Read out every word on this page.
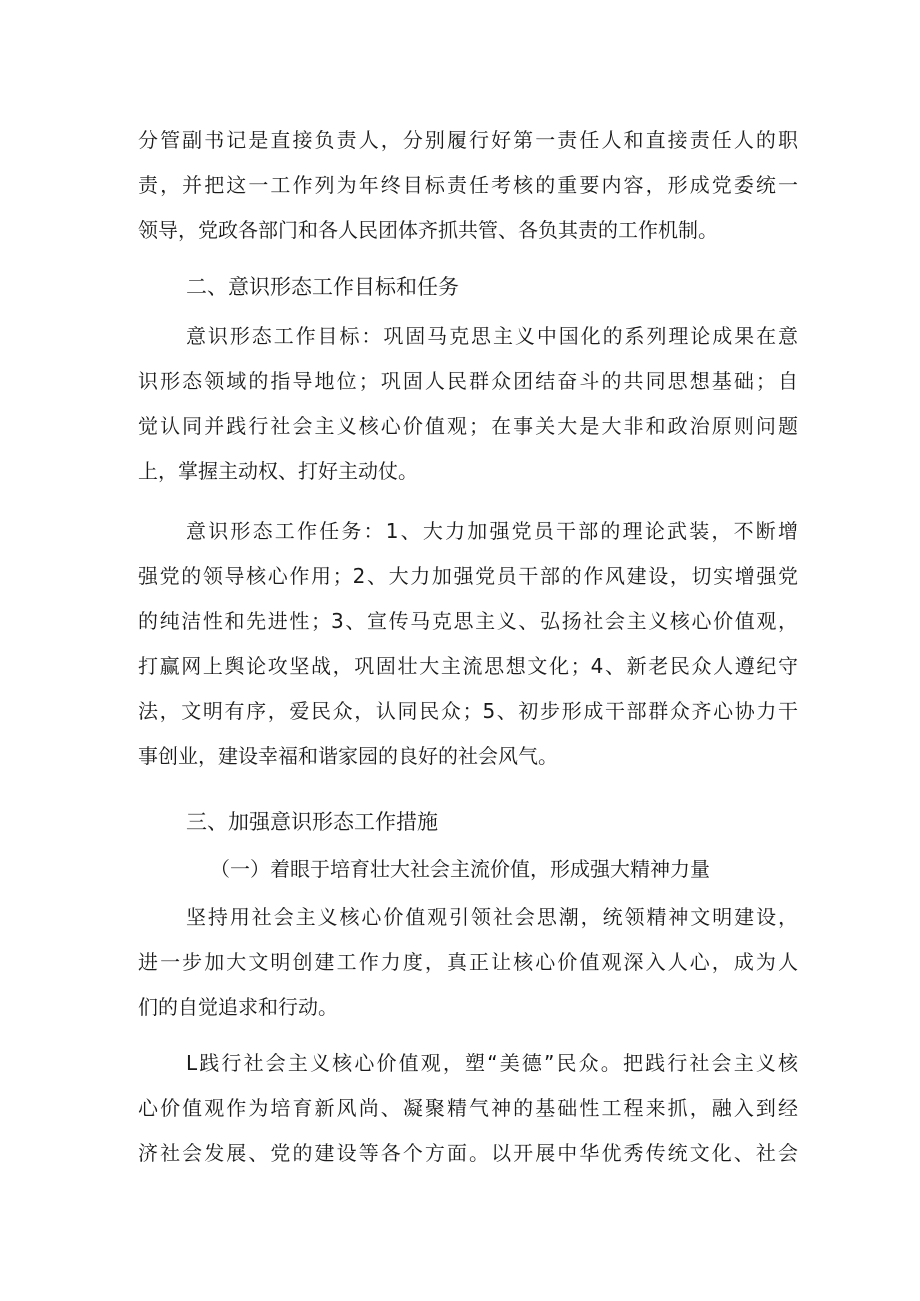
分管副书记是直接负责人，分别履行好第一责任人和直接责任人的职
责，并把这一工作列为年终目标责任考核的重要内容，形成党委统一
领导，党政各部门和各人民团体齐抓共管、各负其责的工作机制。
二、意识形态工作目标和任务
意识形态工作目标：巩固马克思主义中国化的系列理论成果在意
识形态领域的指导地位；巩固人民群众团结奋斗的共同思想基础；自
觉认同并践行社会主义核心价值观；在事关大是大非和政治原则问题
上，掌握主动权、打好主动仗。
意识形态工作任务：1、大力加强党员干部的理论武装，不断增
强党的领导核心作用；2、大力加强党员干部的作风建设，切实增强党
的纯洁性和先进性；3、宣传马克思主义、弘扬社会主义核心价值观，
打赢网上舆论攻坚战，巩固壮大主流思想文化；4、新老民众人遵纪守
法，文明有序，爱民众，认同民众；5、初步形成干部群众齐心协力干
事创业，建设幸福和谐家园的良好的社会风气。
三、加强意识形态工作措施
（一）着眼于培育壮大社会主流价值，形成强大精神力量
坚持用社会主义核心价值观引领社会思潮，统领精神文明建设，
进一步加大文明创建工作力度，真正让核心价值观深入人心，成为人
们的自觉追求和行动。
L践行社会主义核心价值观，塑“美德”民众。把践行社会主义核
心价值观作为培育新风尚、凝聚精气神的基础性工程来抓，融入到经
济社会发展、党的建设等各个方面。以开展中华优秀传统文化、社会
